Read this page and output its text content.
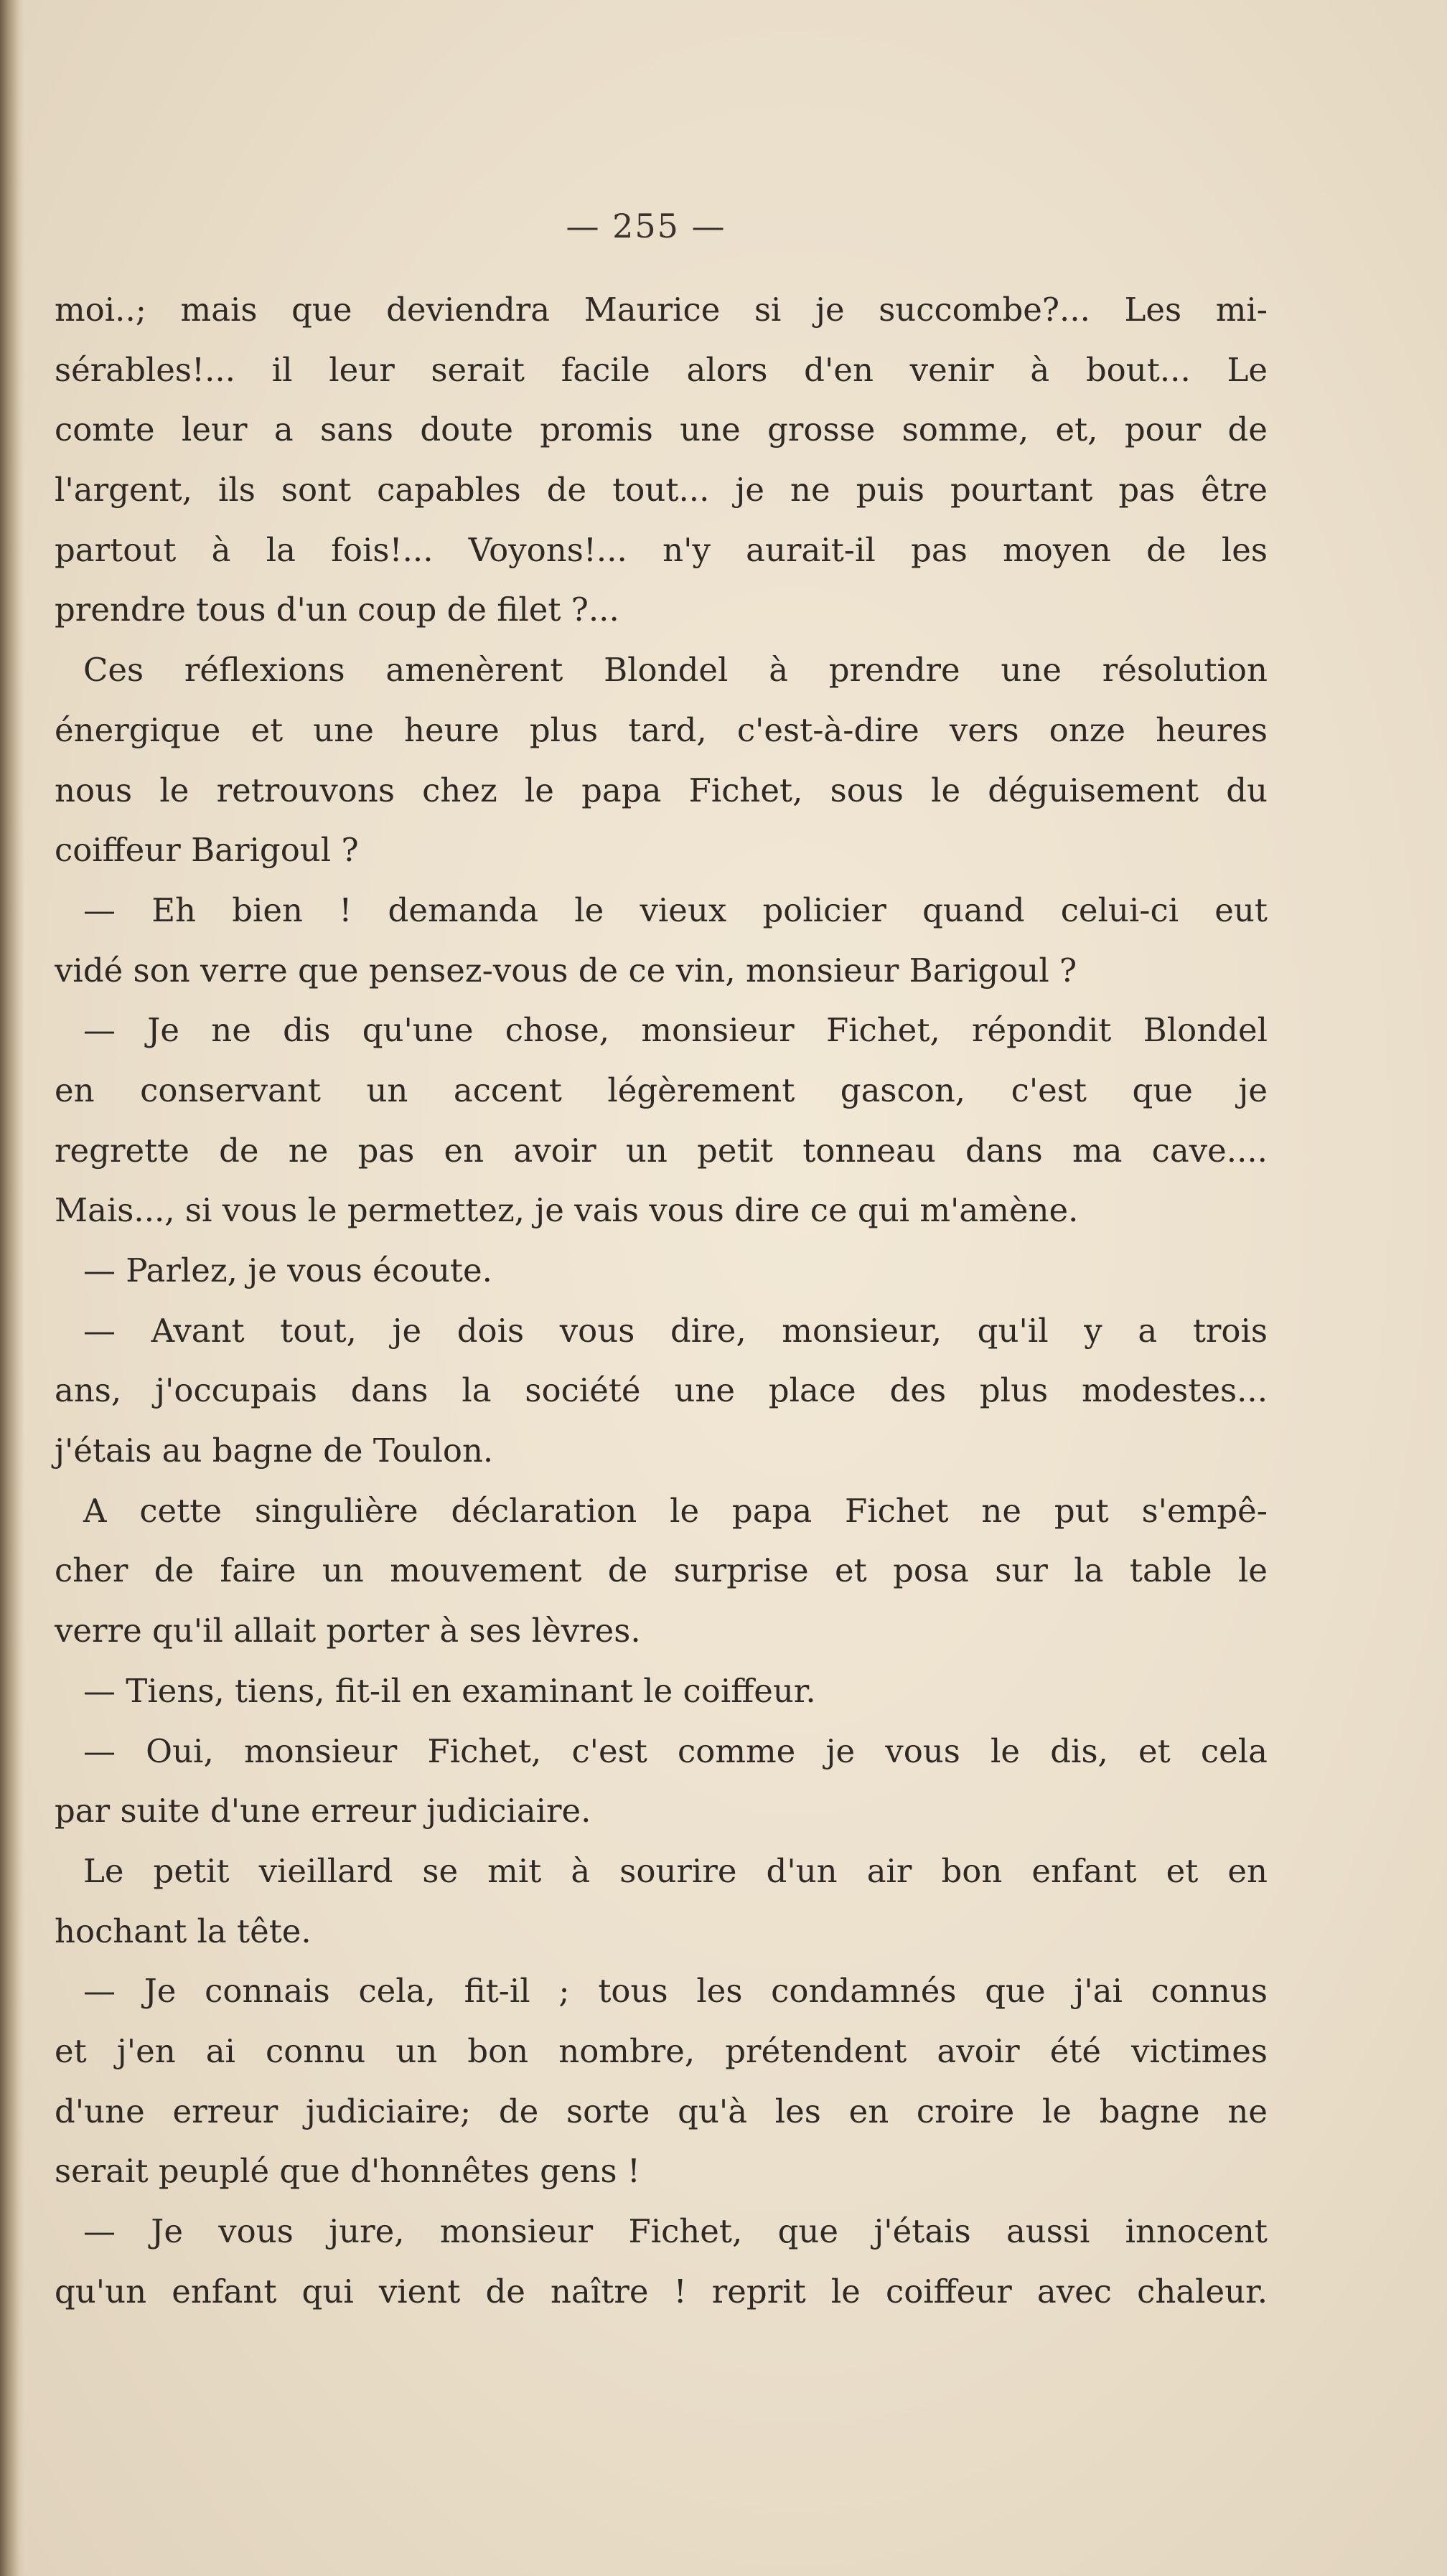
— 255 —
moi..; mais que deviendra Maurice si je succombe?... Les mi-
sérables!... il leur serait facile alors d'en venir à bout... Le
comte leur a sans doute promis une grosse somme, et, pour de
l'argent, ils sont capables de tout... je ne puis pourtant pas être
partout à la fois!... Voyons!... n'y aurait-il pas moyen de les
prendre tous d'un coup de filet ?...
Ces réflexions amenèrent Blondel à prendre une résolution
énergique et une heure plus tard, c'est-à-dire vers onze heures
nous le retrouvons chez le papa Fichet, sous le déguisement du
coiffeur Barigoul ?
— Eh bien ! demanda le vieux policier quand celui-ci eut
vidé son verre que pensez-vous de ce vin, monsieur Barigoul ?
— Je ne dis qu'une chose, monsieur Fichet, répondit Blondel
en conservant un accent légèrement gascon, c'est que je
regrette de ne pas en avoir un petit tonneau dans ma cave....
Mais..., si vous le permettez, je vais vous dire ce qui m'amène.
— Parlez, je vous écoute.
— Avant tout, je dois vous dire, monsieur, qu'il y a trois
ans, j'occupais dans la société une place des plus modestes...
j'étais au bagne de Toulon.
A cette singulière déclaration le papa Fichet ne put s'empê-
cher de faire un mouvement de surprise et posa sur la table le
verre qu'il allait porter à ses lèvres.
— Tiens, tiens, fit-il en examinant le coiffeur.
— Oui, monsieur Fichet, c'est comme je vous le dis, et cela
par suite d'une erreur judiciaire.
Le petit vieillard se mit à sourire d'un air bon enfant et en
hochant la tête.
— Je connais cela, fit-il ; tous les condamnés que j'ai connus
et j'en ai connu un bon nombre, prétendent avoir été victimes
d'une erreur judiciaire; de sorte qu'à les en croire le bagne ne
serait peuplé que d'honnêtes gens !
— Je vous jure, monsieur Fichet, que j'étais aussi innocent
qu'un enfant qui vient de naître ! reprit le coiffeur avec chaleur.
